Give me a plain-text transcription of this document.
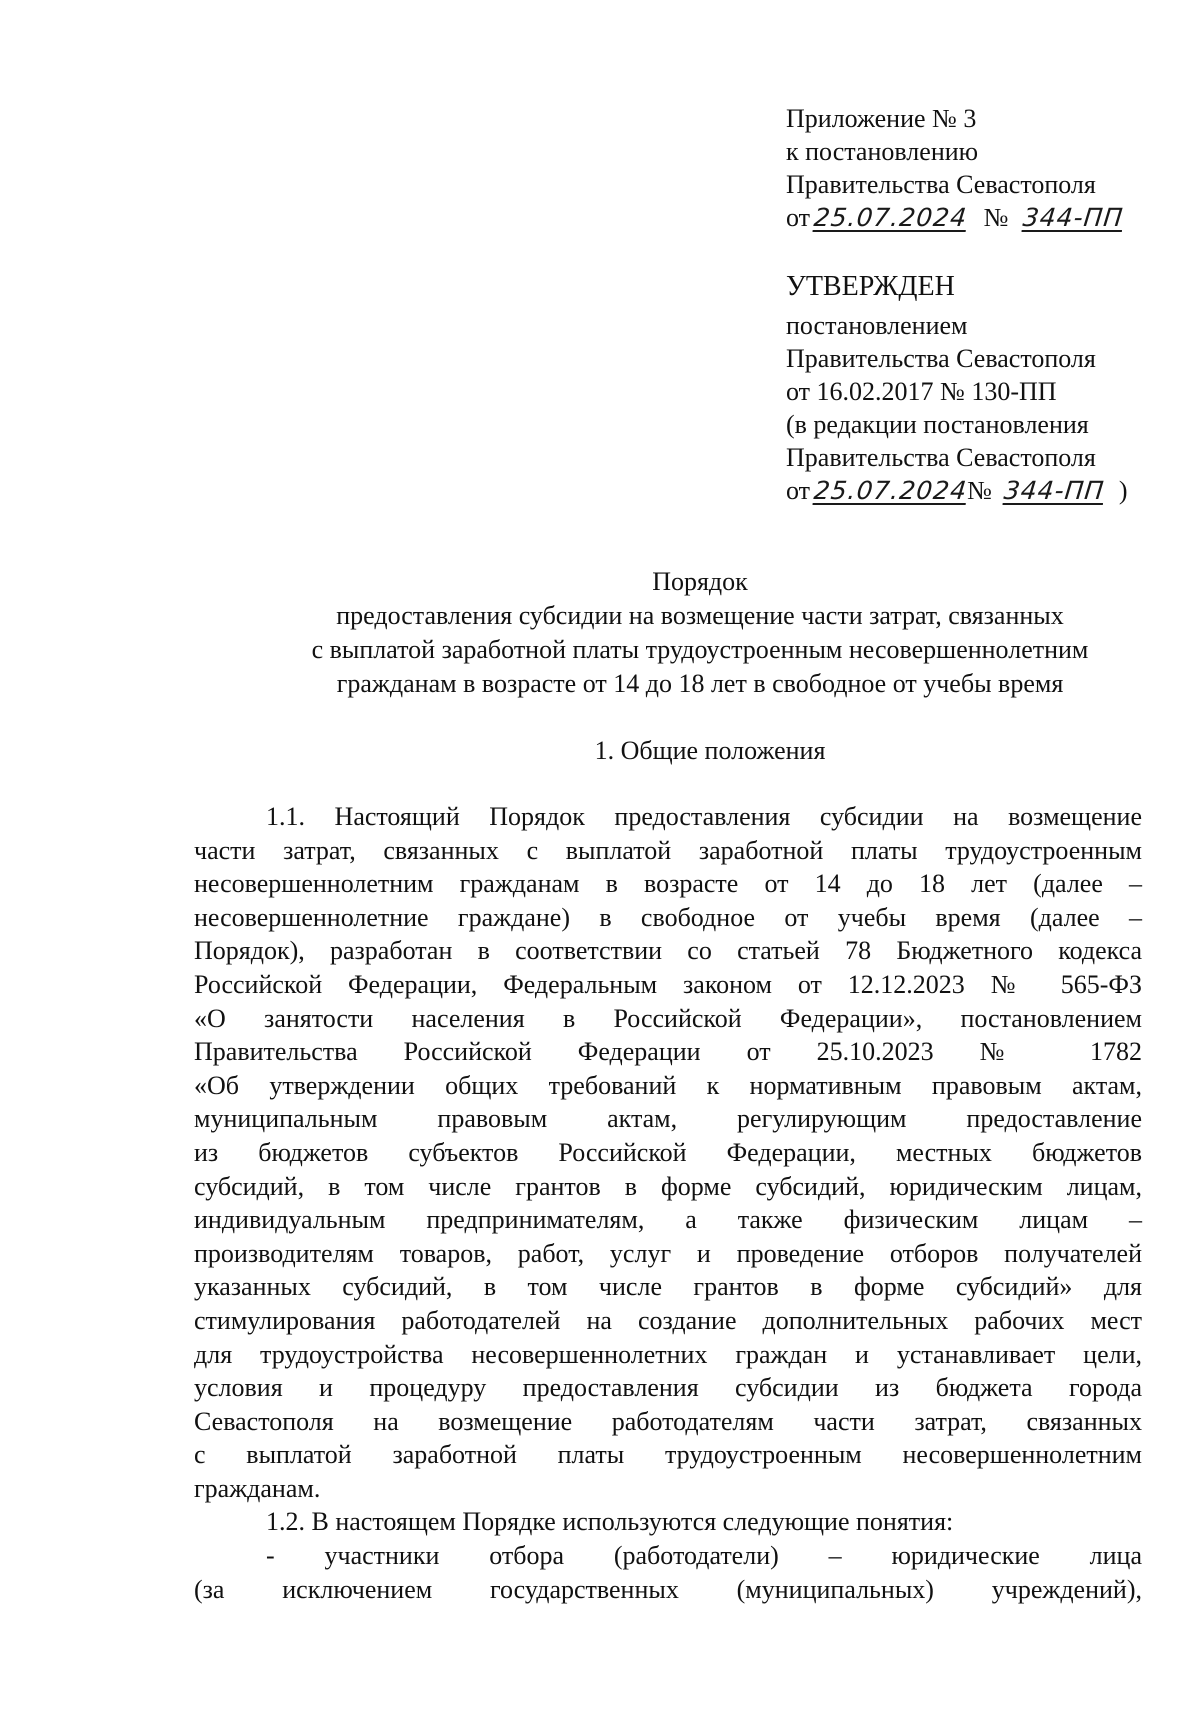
Приложение № 3
к постановлению
Правительства Севастополя
от25.07.2024 № 344-ПП
УТВЕРЖДЕН
постановлением
Правительства Севастополя
от 16.02.2017 № 130-ПП
(в редакции постановления
Правительства Севастополя
от25.07.2024№ 344-ПП )
Порядок
предоставления субсидии на возмещение части затрат, связанных
с выплатой заработной платы трудоустроенным несовершеннолетним
гражданам в возрасте от 14 до 18 лет в свободное от учебы время
1. Общие положения
1.1. Настоящий Порядок предоставления субсидии на возмещение
части затрат, связанных с выплатой заработной платы трудоустроенным
несовершеннолетним гражданам в возрасте от 14 до 18 лет (далее –
несовершеннолетние граждане) в свободное от учебы время (далее –
Порядок), разработан в соответствии со статьей 78 Бюджетного кодекса
Российской Федерации, Федеральным законом от 12.12.2023 № 565-ФЗ
«О занятости населения в Российской Федерации», постановлением
Правительства Российской Федерации от 25.10.2023 № 1782
«Об утверждении общих требований к нормативным правовым актам,
муниципальным правовым актам, регулирующим предоставление
из бюджетов субъектов Российской Федерации, местных бюджетов
субсидий, в том числе грантов в форме субсидий, юридическим лицам,
индивидуальным предпринимателям, а также физическим лицам –
производителям товаров, работ, услуг и проведение отборов получателей
указанных субсидий, в том числе грантов в форме субсидий» для
стимулирования работодателей на создание дополнительных рабочих мест
для трудоустройства несовершеннолетних граждан и устанавливает цели,
условия и процедуру предоставления субсидии из бюджета города
Севастополя на возмещение работодателям части затрат, связанных
с выплатой заработной платы трудоустроенным несовершеннолетним
гражданам.
1.2. В настоящем Порядке используются следующие понятия:
- участники отбора (работодатели) – юридические лица
(за исключением государственных (муниципальных) учреждений),
